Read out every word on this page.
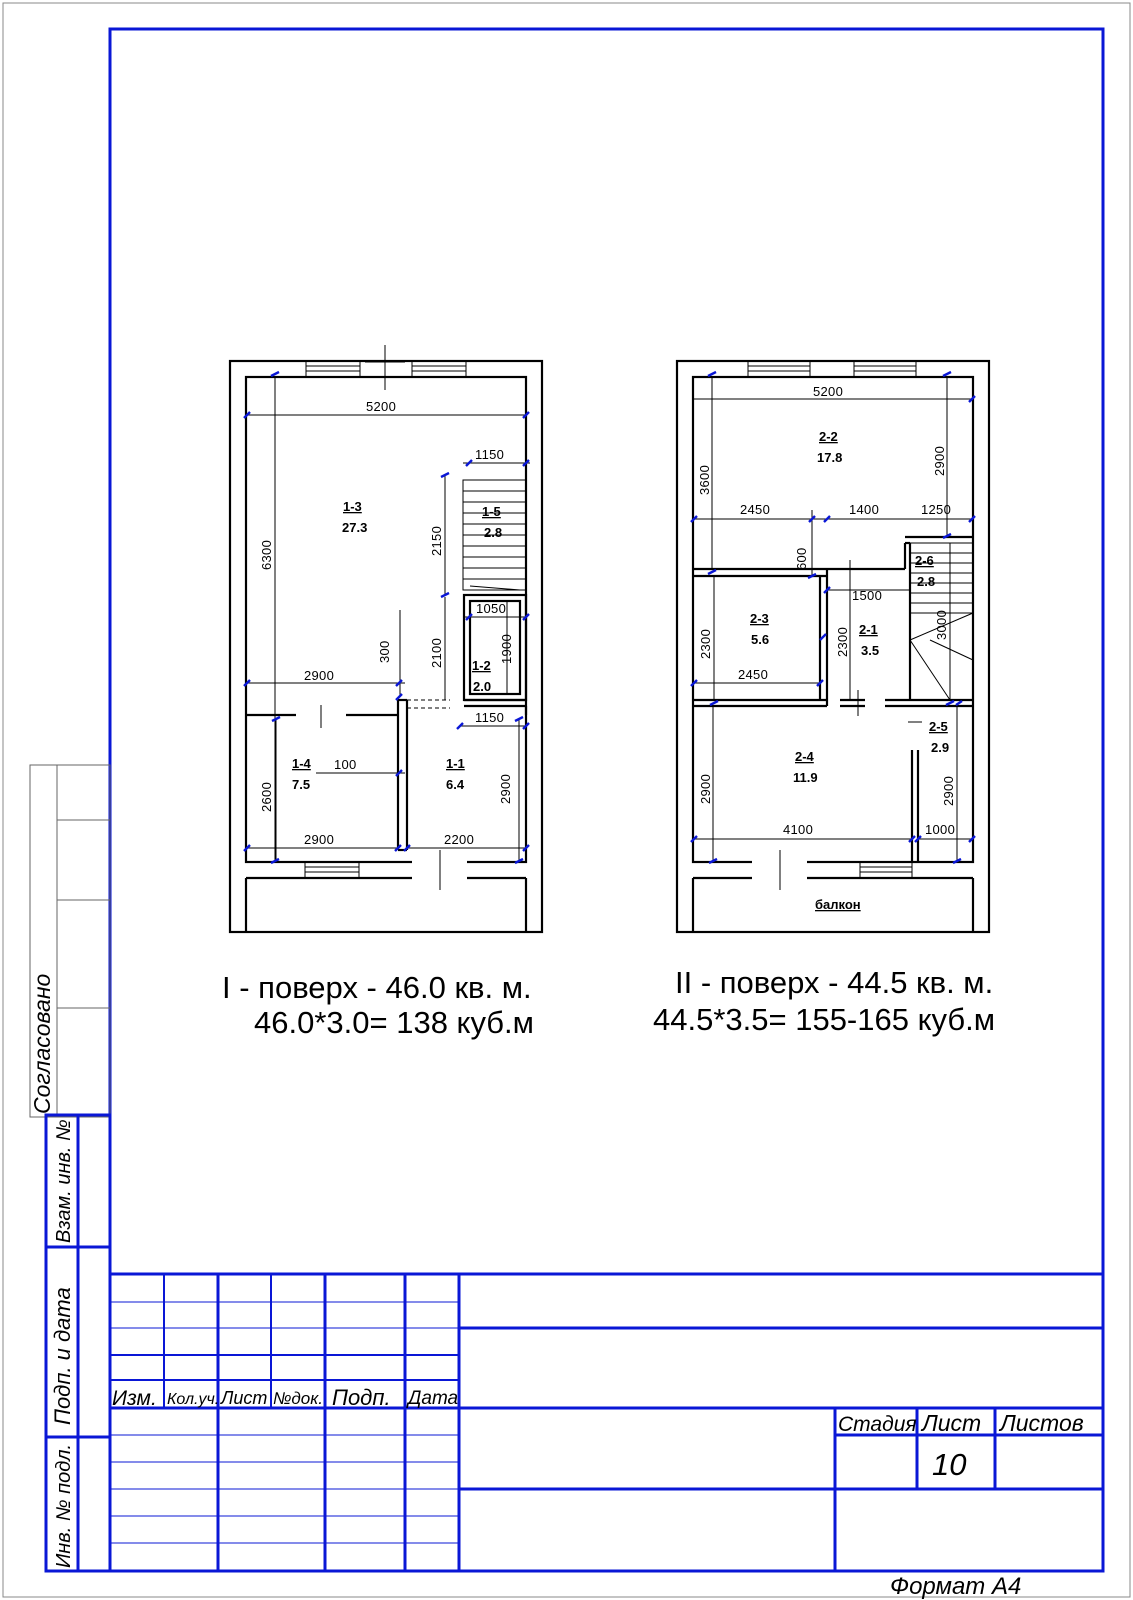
Согласовано
Взам. инв. №
Подп. и дата
Инв. № подл.
Изм. Кол.уч. Лист №док. Подп. Дата
Стадия Лист Листов
10
Формат А4
5200
1150
6300	2150
1050
300	2100	1900
2900
1150
100
2600	2900
2900	2200
1-3
27.3
1-5
2.8
1-2
2.0
1-4
7.5
1-1
6.4
5200
3600
2900
2450	1400	1250
600
1500
2300	2300
3000
2450
2900	2900
4100	1000
2-2
17.8
2-6
2.8
2-3
5.6
2-1
3.5
2-5
2.9
2-4
11.9
балкон
I - поверх - 46.0 кв. м.
46.0*3.0= 138 куб.м
II - поверх - 44.5 кв. м.
44.5*3.5= 155-165 куб.м
